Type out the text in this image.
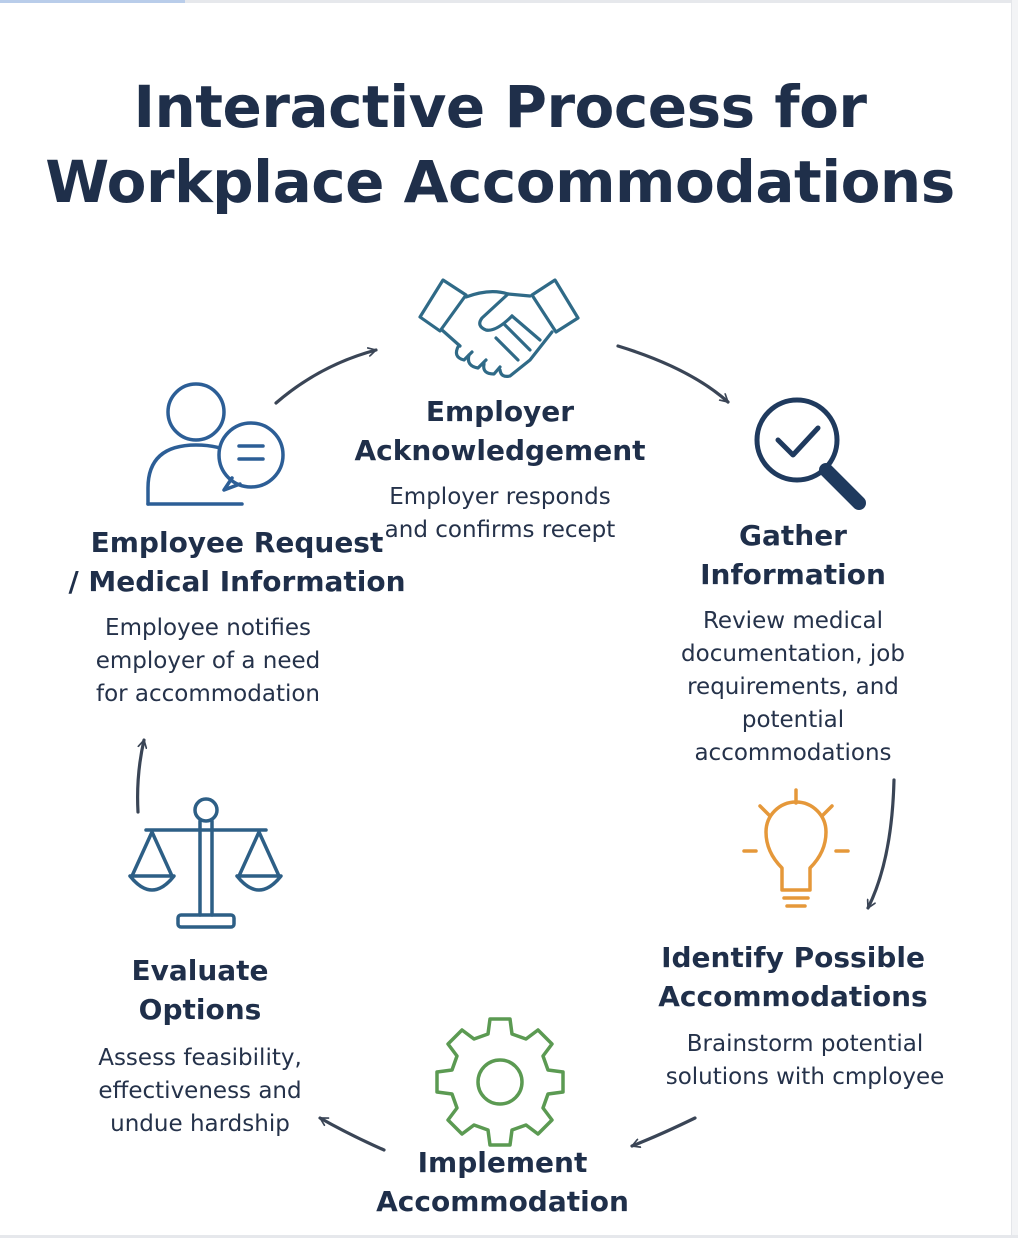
Interactive Process for
Workplace Accommodations
Employer
Acknowledgement
Employer responds
and confirms recept	Gather
Information
Review medical
documentation, job
requirements, and
potential
accommodations
Identify Possible
Accommodations
Brainstorm potential
solutions with cmployee
Implement
Accommodation
Evaluate
Options
Assess feasibility,
effectiveness and
undue hardship
Employee Request
/ Medical Information
Employee notifies
employer of a need
for accommodation
